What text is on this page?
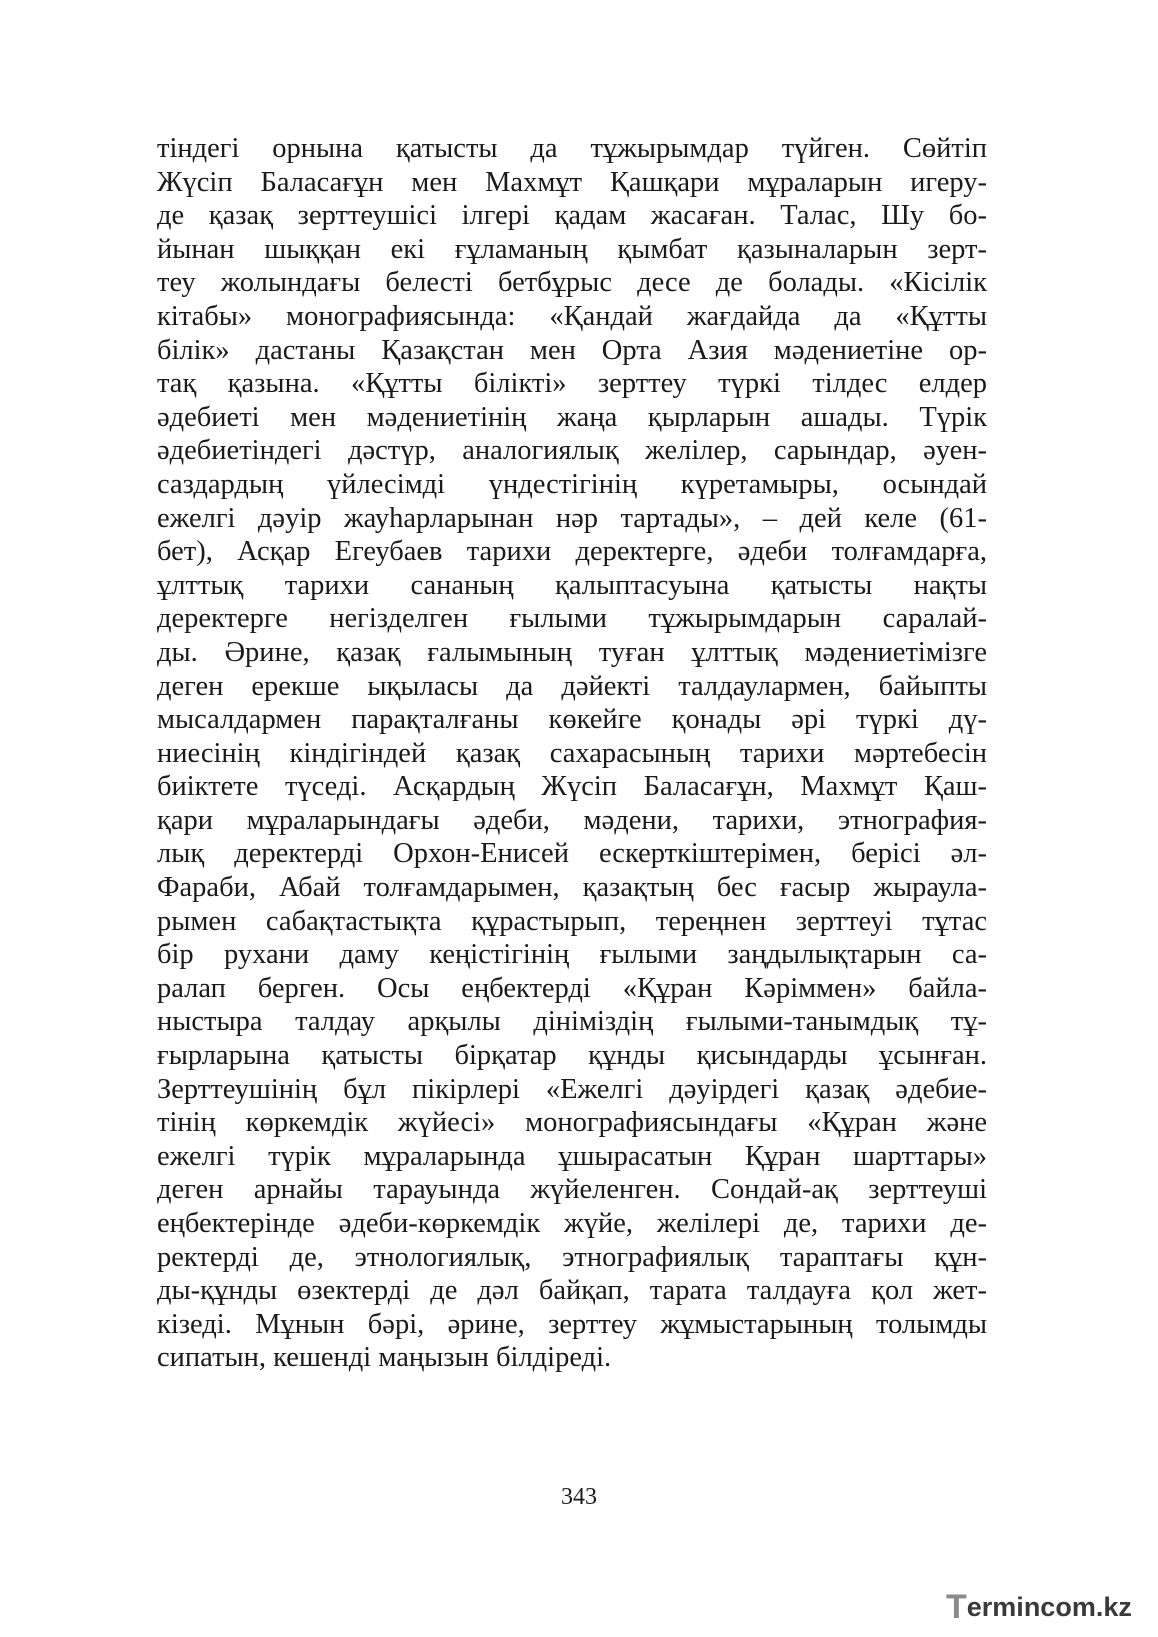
тіндегі орнына қатысты да тұжырымдар түйген. Сөйтіп
Жүсіп Баласағұн мен Махмұт Қашқари мұраларын игеру-
де қазақ зерттеушісі ілгері қадам жасаған. Талас, Шу бо-
йынан шыққан екі ғұламаның қымбат қазыналарын зерт-
теу жолындағы белесті бетбұрыс десе де болады. «Кісілік
кітабы» монографиясында: «Қандай жағдайда да «Құтты
білік» дастаны Қазақстан мен Орта Азия мәдениетіне ор-
тақ қазына. «Құтты білікті» зерттеу түркі тілдес елдер
әдебиеті мен мәдениетінің жаңа қырларын ашады. Түрік
әдебиетіндегі дәстүр, аналогиялық желілер, сарындар, әуен-
саздардың үйлесімді үндестігінің күретамыры, осындай
ежелгі дәуір жауһарларынан нәр тартады», – дей келе (61-
бет), Асқар Егеубаев тарихи деректерге, әдеби толғамдарға,
ұлттық тарихи сананың қалыптасуына қатысты нақты
деректерге негізделген ғылыми тұжырымдарын саралай-
ды. Әрине, қазақ ғалымының туған ұлттық мәдениетімізге
деген ерекше ықыласы да дәйекті талдаулармен, байыпты
мысалдармен парақталғаны көкейге қонады әрі түркі дү-
ниесінің кіндігіндей қазақ сахарасының тарихи мәртебесін
биіктете түседі. Асқардың Жүсіп Баласағұн, Махмұт Қаш-
қари мұраларындағы әдеби, мәдени, тарихи, этнография-
лық деректерді Орхон-Енисей ескерткіштерімен, берісі әл-
Фараби, Абай толғамдарымен, қазақтың бес ғасыр жыраула-
рымен сабақтастықта құрастырып, тереңнен зерттеуі тұтас
бір рухани даму кеңістігінің ғылыми заңдылықтарын са-
ралап берген. Осы еңбектерді «Құран Кәріммен» байла-
ныстыра талдау арқылы дініміздің ғылыми-танымдық тұ-
ғырларына қатысты бірқатар құнды қисындарды ұсынған.
Зерттеушінің бұл пікірлері «Ежелгі дәуірдегі қазақ әдебие-
тінің көркемдік жүйесі» монографиясындағы «Құран және
ежелгі түрік мұраларында ұшырасатын Құран шарттары»
деген арнайы тарауында жүйеленген. Сондай-ақ зерттеуші
еңбектерінде әдеби-көркемдік жүйе, желілері де, тарихи де-
ректерді де, этнологиялық, этнографиялық тараптағы құн-
ды-құнды өзектерді де дәл байқап, тарата талдауға қол жет-
кізеді. Мұнын бәрі, әрине, зерттеу жұмыстарының толымды
сипатын, кешенді маңызын білдіреді.
343
Termincom.kz
